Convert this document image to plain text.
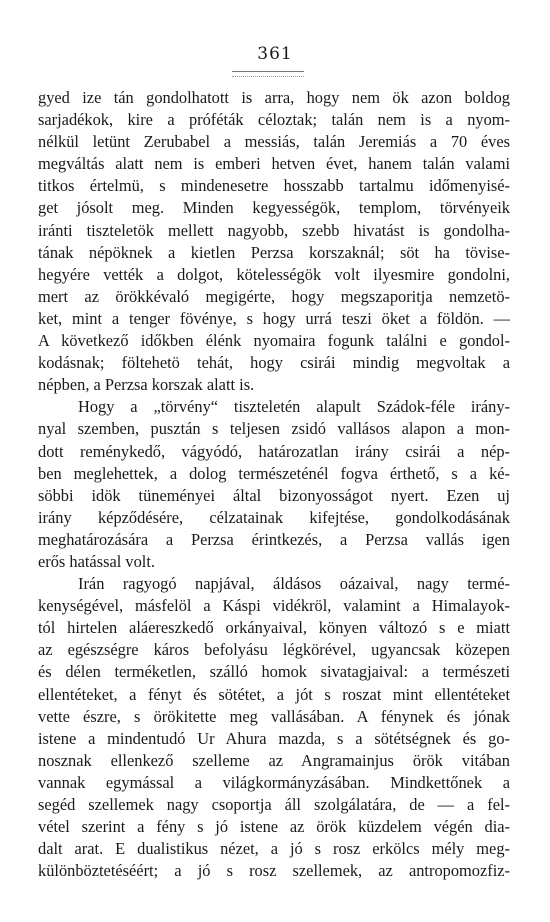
361
gyed ize tán gondolhatott is arra, hogy nem ök azon boldog
sarjadékok, kire a próféták céloztak; talán nem is a nyom-
nélkül letünt Zerubabel a messiás, talán Jeremiás a 70 éves
megváltás alatt nem is emberi hetven évet, hanem talán valami
titkos értelmü, s mindenesetre hosszabb tartalmu időmenyisé-
get jósolt meg. Minden kegyességök, templom, törvényeik
iránti tiszteletök mellett nagyobb, szebb hivatást is gondolha-
tának népöknek a kietlen Perzsa korszaknál; söt ha tövise-
hegyére vették a dolgot, kötelességök volt ilyesmire gondolni,
mert az örökkévaló megigérte, hogy megszaporitja nemzetö-
ket, mint a tenger fövénye, s hogy urrá teszi öket a földön. —
A következő időkben élénk nyomaira fogunk találni e gondol-
kodásnak; föltehetö tehát, hogy csirái mindig megvoltak a
népben, a Perzsa korszak alatt is.
Hogy a „törvény“ tiszteletén alapult Szádok-féle irány-
nyal szemben, pusztán s teljesen zsidó vallásos alapon a mon-
dott reménykedő, vágyódó, határozatlan irány csirái a nép-
ben meglehettek, a dolog természeténél fogva érthető, s a ké-
söbbi idök tüneményei által bizonyosságot nyert. Ezen uj
irány képződésére, célzatainak kifejtése, gondolkodásának
meghatározására a Perzsa érintkezés, a Perzsa vallás igen
erős hatással volt.
Irán ragyogó napjával, áldásos oázaival, nagy termé-
kenységével, másfelöl a Káspi vidékröl, valamint a Himalayok-
tól hirtelen aláereszkedő orkányaival, könyen változó s e miatt
az egészségre káros befolyásu légkörével, ugyancsak közepen
és délen terméketlen, szálló homok sivatagjaival: a természeti
ellentéteket, a fényt és sötétet, a jót s roszat mint ellentéteket
vette észre, s örökitette meg vallásában. A fénynek és jónak
istene a mindentudó Ur Ahura mazda, s a sötétségnek és go-
nosznak ellenkező szelleme az Angramainjus örök vitában
vannak egymással a világkormányzásában. Mindkettőnek a
segéd szellemek nagy csoportja áll szolgálatára, de — a fel-
vétel szerint a fény s jó istene az örök küzdelem végén dia-
dalt arat. E dualistikus nézet, a jó s rosz erkölcs mély meg-
különböztetéséért; a jó s rosz szellemek, az antropomozfiz-
